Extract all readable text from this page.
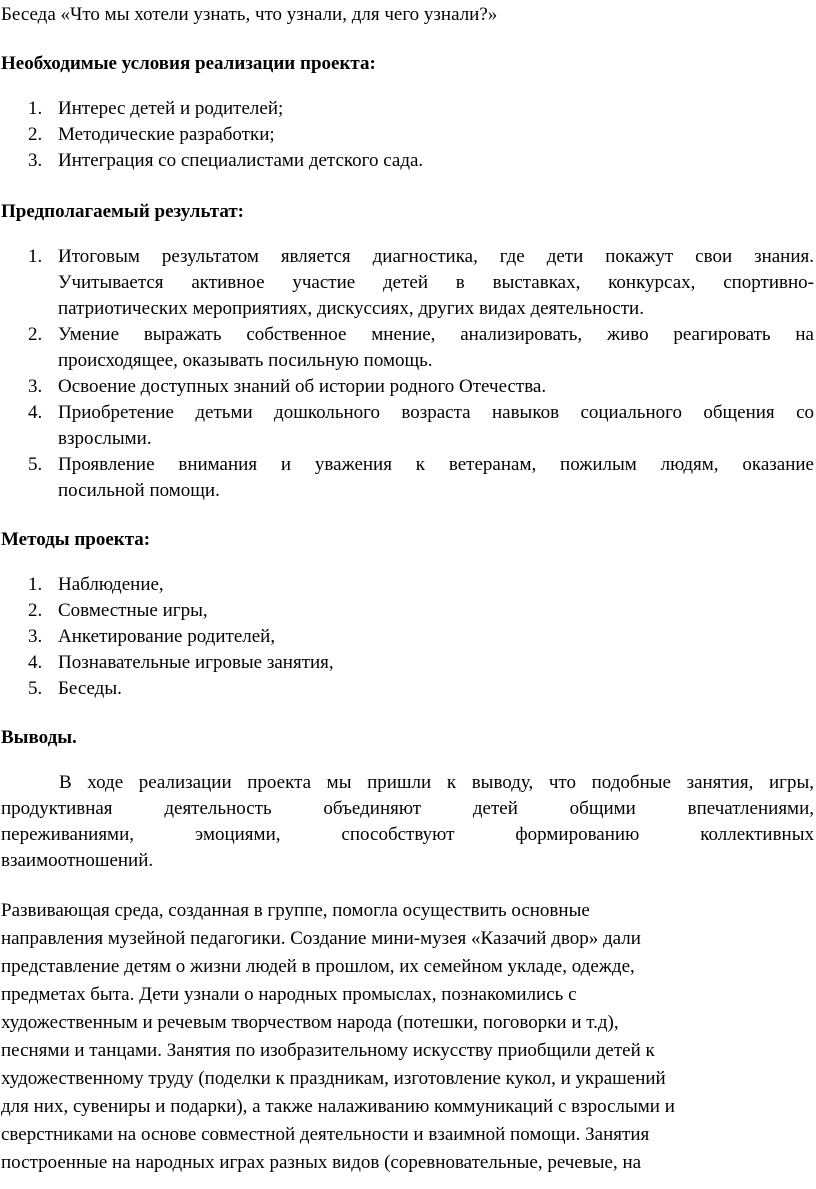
Беседа «Что мы хотели узнать, что узнали, для чего узнали?»
Необходимые условия реализации проекта:
1. Интерес детей и родителей;
2. Методические разработки;
3. Интеграция со специалистами детского сада.
Предполагаемый результат:
1. Итоговым результатом является диагностика, где дети покажут свои знания.
Учитывается активное участие детей в выставках, конкурсах, спортивно-
патриотических мероприятиях, дискуссиях, других видах деятельности.
2. Умение выражать собственное мнение, анализировать, живо реагировать на
происходящее, оказывать посильную помощь.
3. Освоение доступных знаний об истории родного Отечества.
4. Приобретение детьми дошкольного возраста навыков социального общения со
взрослыми.
5. Проявление внимания и уважения к ветеранам, пожилым людям, оказание
посильной помощи.
Методы проекта:
1. Наблюдение,
2. Совместные игры,
3. Анкетирование родителей,
4. Познавательные игровые занятия,
5. Беседы.
Выводы.
В ходе реализации проекта мы пришли к выводу, что подобные занятия, игры,
продуктивная деятельность объединяют детей общими впечатлениями,
переживаниями, эмоциями, способствуют формированию коллективных
взаимоотношений.
Развивающая среда, созданная в группе, помогла осуществить основные
направления музейной педагогики. Создание мини-музея «Казачий двор» дали
представление детям о жизни людей в прошлом, их семейном укладе, одежде,
предметах быта. Дети узнали о народных промыслах, познакомились с
художественным и речевым творчеством народа (потешки, поговорки и т.д),
песнями и танцами. Занятия по изобразительному искусству приобщили детей к
художественному труду (поделки к праздникам, изготовление кукол, и украшений
для них, сувениры и подарки), а также налаживанию коммуникаций с взрослыми и
сверстниками на основе совместной деятельности и взаимной помощи. Занятия
построенные на народных играх разных видов (соревновательные, речевые, на
